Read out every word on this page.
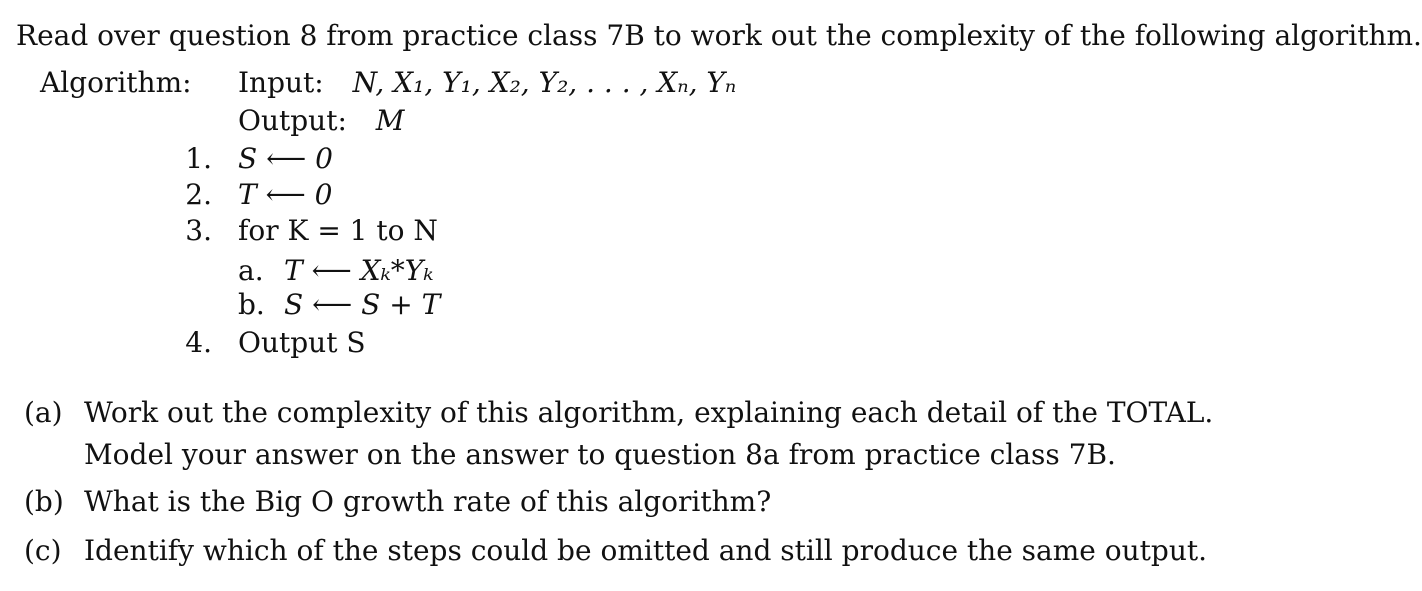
Read over question 8 from practice class 7B to work out the complexity of the following algorithm.
Algorithm: Input: N, X₁, Y₁, X₂, Y₂, . . . , Xₙ, Yₙ
Output: M
1. S ⟵ 0
2. T ⟵ 0
3. for K = 1 to N
a. T ⟵ Xₖ*Yₖ
b. S ⟵ S + T
4. Output S
(a) Work out the complexity of this algorithm, explaining each detail of the TOTAL.
Model your answer on the answer to question 8a from practice class 7B.
(b) What is the Big O growth rate of this algorithm?
(c) Identify which of the steps could be omitted and still produce the same output.
